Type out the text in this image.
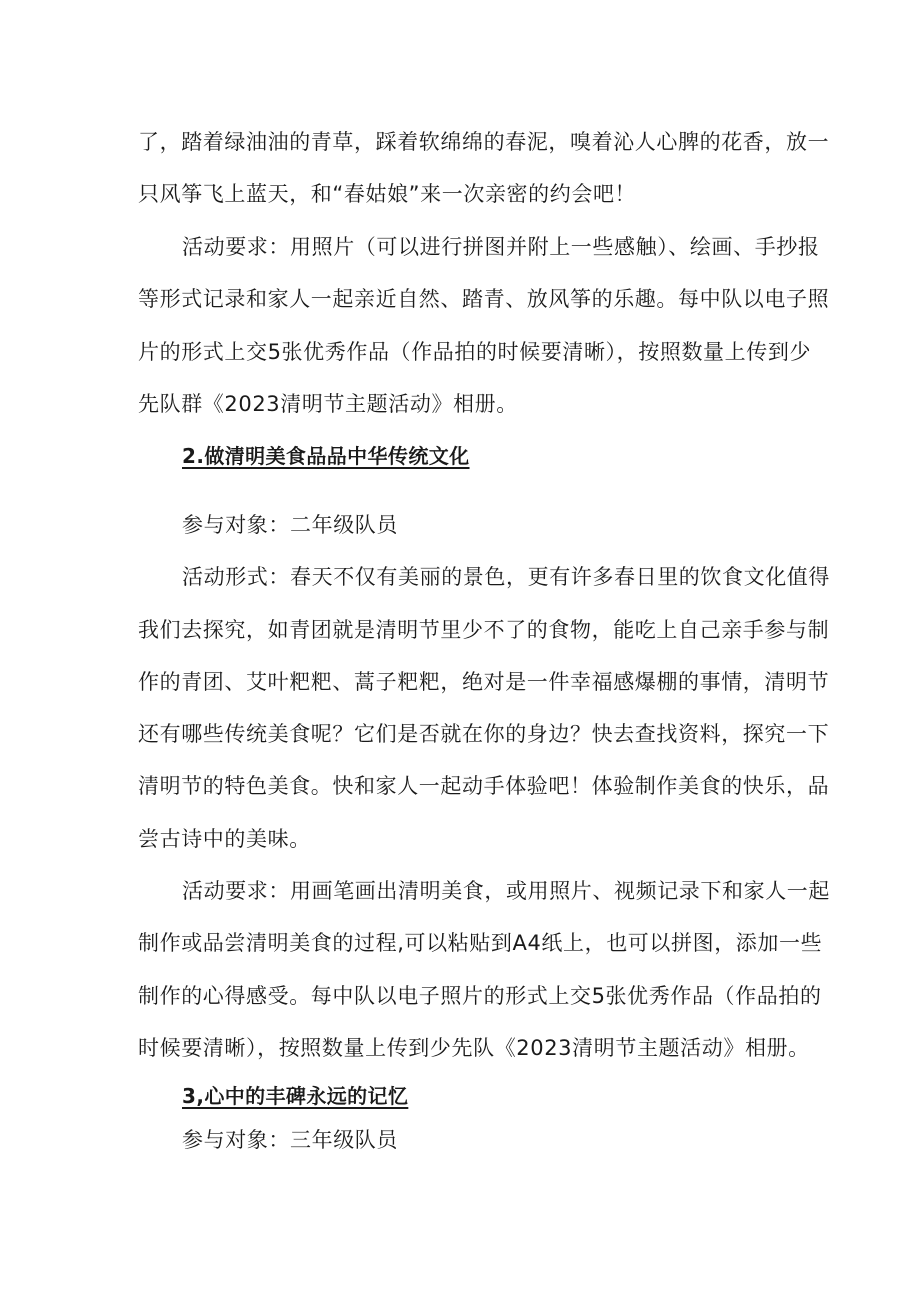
了，踏着绿油油的青草，踩着软绵绵的春泥，嗅着沁人心脾的花香，放一
只风筝飞上蓝天，和“春姑娘”来一次亲密的约会吧！
活动要求：用照片（可以进行拼图并附上一些感触）、绘画、手抄报
等形式记录和家人一起亲近自然、踏青、放风筝的乐趣。每中队以电子照
片的形式上交5张优秀作品（作品拍的时候要清晰），按照数量上传到少
先队群《2023清明节主题活动》相册。
2.做清明美食品品中华传统文化
参与对象：二年级队员
活动形式：春天不仅有美丽的景色，更有许多春日里的饮食文化值得
我们去探究，如青团就是清明节里少不了的食物，能吃上自己亲手参与制
作的青团、艾叶粑粑、蒿子粑粑，绝对是一件幸福感爆棚的事情，清明节
还有哪些传统美食呢？它们是否就在你的身边？快去查找资料，探究一下
清明节的特色美食。快和家人一起动手体验吧！体验制作美食的快乐，品
尝古诗中的美味。
活动要求：用画笔画出清明美食，或用照片、视频记录下和家人一起
制作或品尝清明美食的过程,可以粘贴到A4纸上，也可以拼图，添加一些
制作的心得感受。每中队以电子照片的形式上交5张优秀作品（作品拍的
时候要清晰），按照数量上传到少先队《2023清明节主题活动》相册。
3,心中的丰碑永远的记忆
参与对象：三年级队员
